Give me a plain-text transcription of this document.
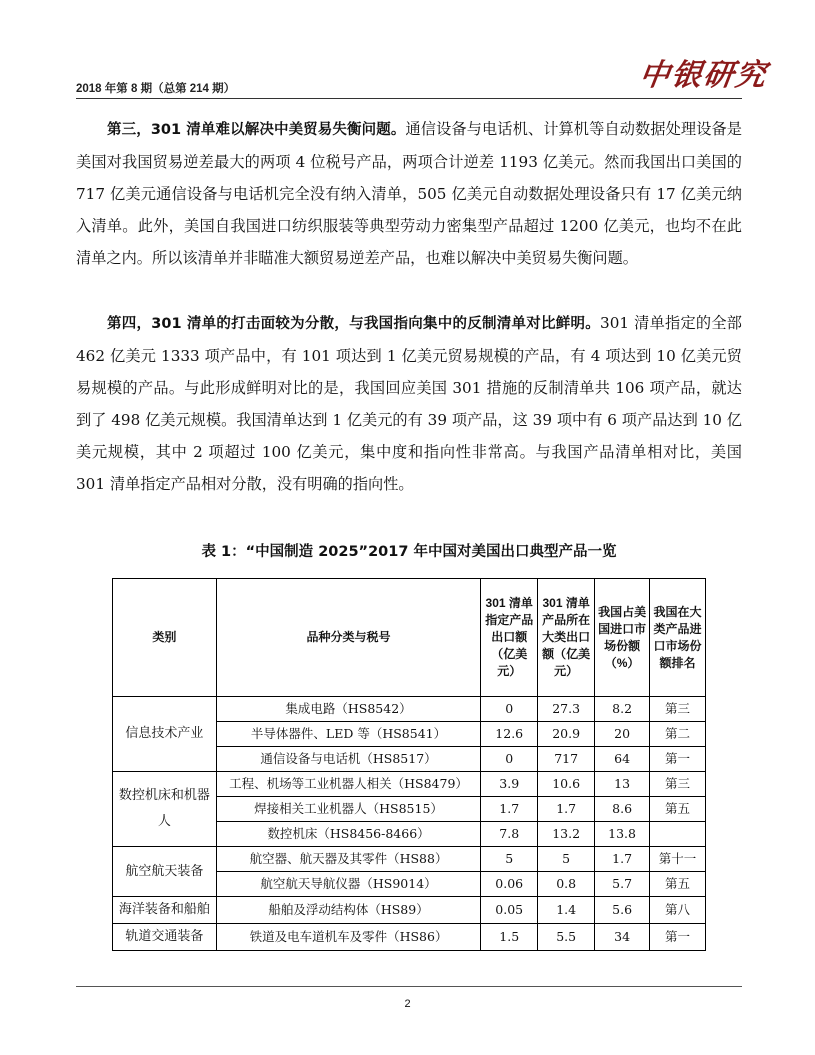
2018 年第 8 期（总第 214 期）	中银研究

第三，301 清单难以解决中美贸易失衡问题。通信设备与电话机、计算机等自动数据处理设备是美国对我国贸易逆差最大的两项 4 位税号产品，两项合计逆差 1193 亿美元。然而我国出口美国的 717 亿美元通信设备与电话机完全没有纳入清单，505 亿美元自动数据处理设备只有 17 亿美元纳入清单。此外，美国自我国进口纺织服装等典型劳动力密集型产品超过 1200 亿美元，也均不在此清单之内。所以该清单并非瞄准大额贸易逆差产品，也难以解决中美贸易失衡问题。

第四，301 清单的打击面较为分散，与我国指向集中的反制清单对比鲜明。301 清单指定的全部 462 亿美元 1333 项产品中，有 101 项达到 1 亿美元贸易规模的产品，有 4 项达到 10 亿美元贸易规模的产品。与此形成鲜明对比的是，我国回应美国 301 措施的反制清单共 106 项产品，就达到了 498 亿美元规模。我国清单达到 1 亿美元的有 39 项产品，这 39 项中有 6 项产品达到 10 亿美元规模，其中 2 项超过 100 亿美元，集中度和指向性非常高。与我国产品清单相对比，美国 301 清单指定产品相对分散，没有明确的指向性。

表 1：“中国制造 2025”2017 年中国对美国出口典型产品一览
类别	品种分类与税号	301 清单指定产品出口额（亿美元）	301 清单产品所在大类出口额（亿美元）	我国占美国进口市场份额（%）	我国在大类产品进口市场份额排名
信息技术产业	集成电路（HS8542）	0	27.3	8.2	第三
	半导体器件、LED 等（HS8541）	12.6	20.9	20	第二
	通信设备与电话机（HS8517）	0	717	64	第一
数控机床和机器人	工程、机场等工业机器人相关（HS8479）	3.9	10.6	13	第三
	焊接相关工业机器人（HS8515）	1.7	1.7	8.6	第五
	数控机床（HS8456-8466）	7.8	13.2	13.8	
航空航天装备	航空器、航天器及其零件（HS88）	5	5	1.7	第十一
	航空航天导航仪器（HS9014）	0.06	0.8	5.7	第五
海洋装备和船舶	船舶及浮动结构体（HS89）	0.05	1.4	5.6	第八
轨道交通装备	铁道及电车道机车及零件（HS86）	1.5	5.5	34	第一
2
